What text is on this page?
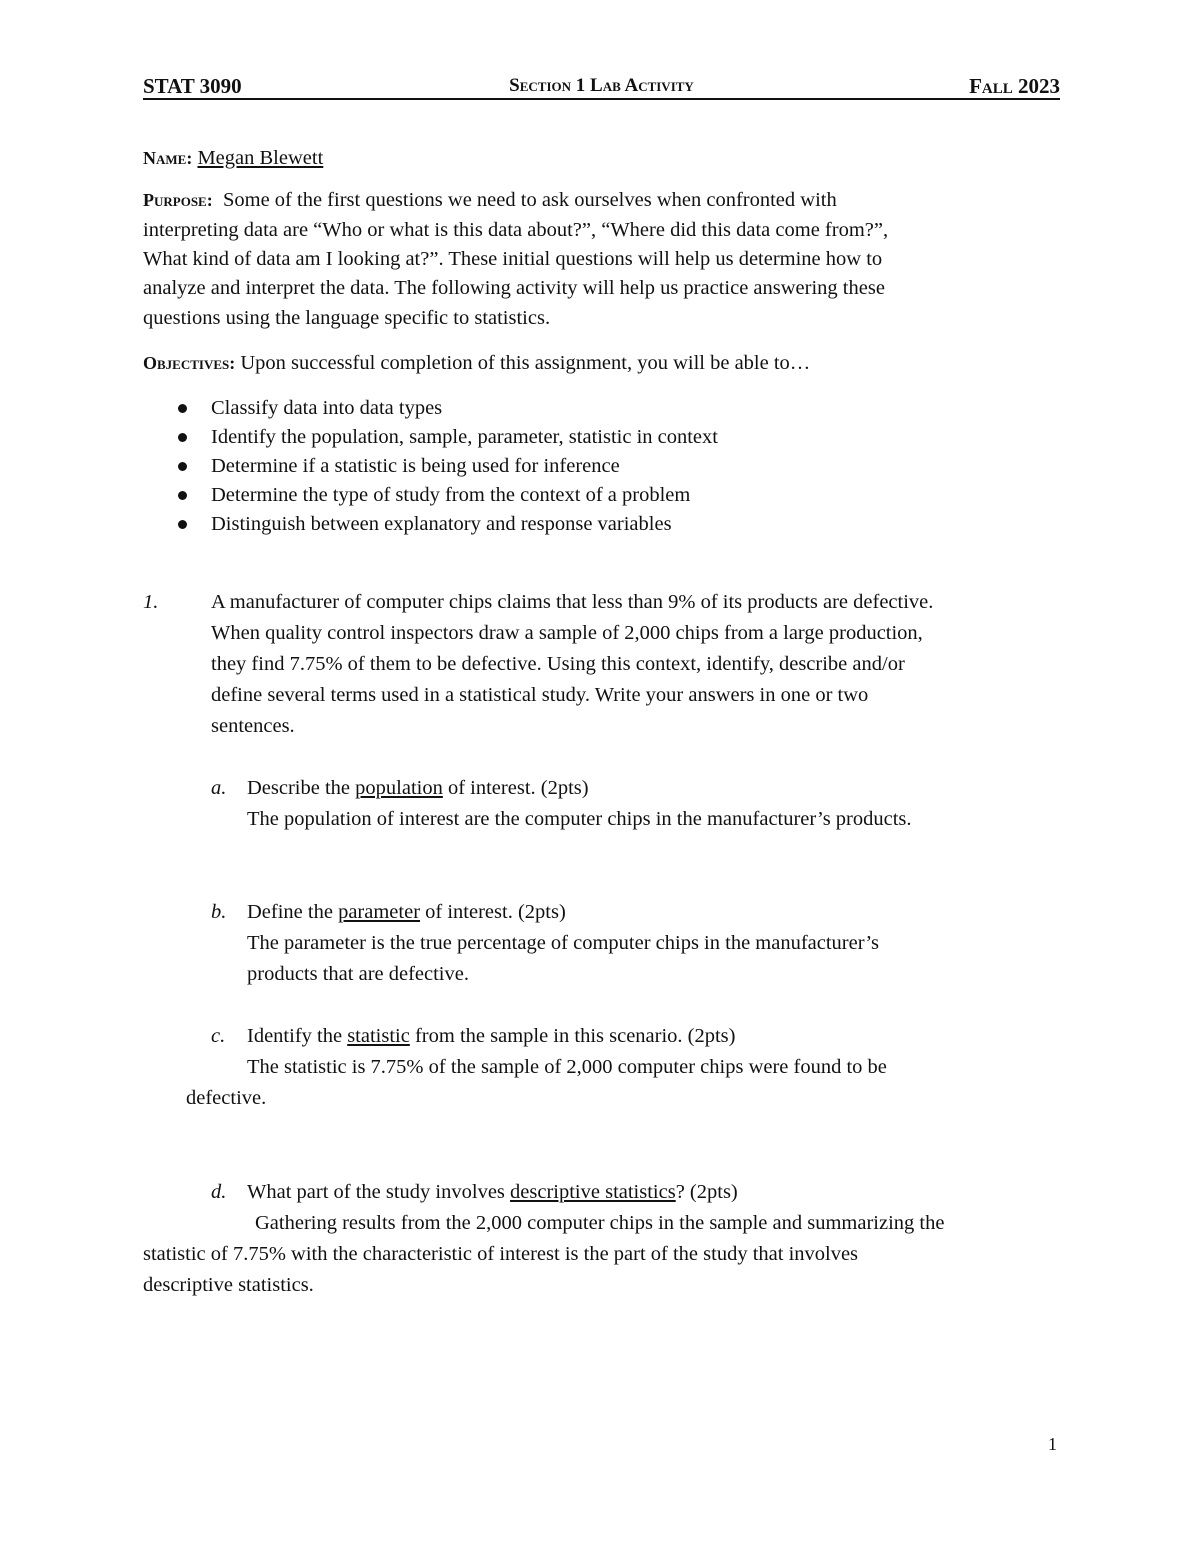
STAT 3090	Section 1 Lab Activity	Fall 2023
Name: Megan Blewett
Purpose: Some of the first questions we need to ask ourselves when confronted with
interpreting data are “Who or what is this data about?”, “Where did this data come from?”,
What kind of data am I looking at?”. These initial questions will help us determine how to
analyze and interpret the data. The following activity will help us practice answering these
questions using the language specific to statistics.
Objectives: Upon successful completion of this assignment, you will be able to…
Classify data into data types
Identify the population, sample, parameter, statistic in context
Determine if a statistic is being used for inference
Determine the type of study from the context of a problem
Distinguish between explanatory and response variables
1.	A manufacturer of computer chips claims that less than 9% of its products are defective.
When quality control inspectors draw a sample of 2,000 chips from a large production,
they find 7.75% of them to be defective. Using this context, identify, describe and/or
define several terms used in a statistical study. Write your answers in one or two
sentences.
a. Describe the population of interest. (2pts)
The population of interest are the computer chips in the manufacturer’s products.
b. Define the parameter of interest. (2pts)
The parameter is the true percentage of computer chips in the manufacturer’s
products that are defective.
c. Identify the statistic from the sample in this scenario. (2pts)
The statistic is 7.75% of the sample of 2,000 computer chips were found to be
defective.
d. What part of the study involves descriptive statistics? (2pts)
Gathering results from the 2,000 computer chips in the sample and summarizing the
statistic of 7.75% with the characteristic of interest is the part of the study that involves
descriptive statistics.
1
